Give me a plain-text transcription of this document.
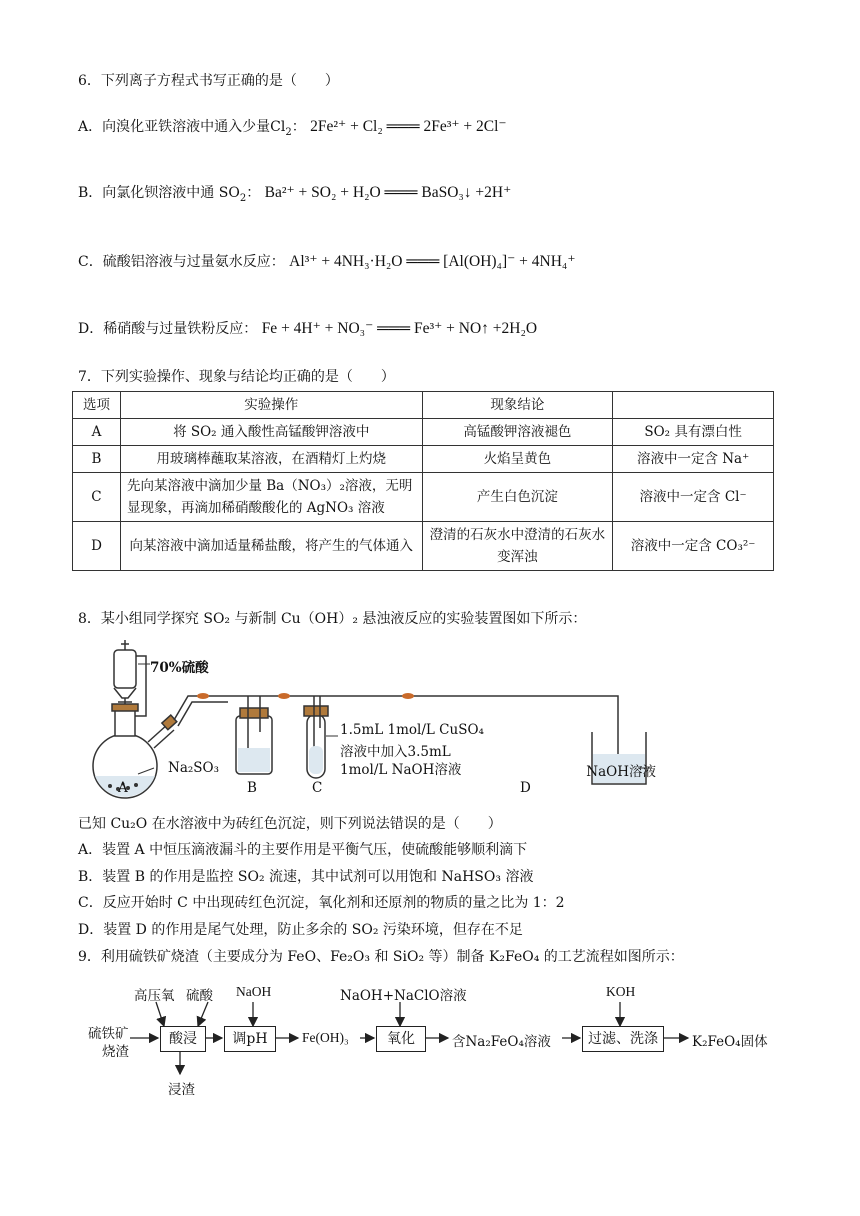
6．下列离子方程式书写正确的是（　　）
A．向溴化亚铁溶液中通入少量$Cl_2$： 2Fe²⁺ + Cl₂ ═══ 2Fe³⁺ + 2Cl⁻
B．向氯化钡溶液中通 $SO_2$： Ba²⁺ + SO₂ + H₂O ═══ BaSO₃↓ +2H⁺
C．硫酸铝溶液与过量氨水反应： Al³⁺ + 4NH₃·H₂O ═══ [Al(OH)₄]⁻ + 4NH₄⁺
D．稀硝酸与过量铁粉反应： Fe + 4H⁺ + NO₃⁻ ═══ Fe³⁺ + NO↑ +2H₂O
7．下列实验操作、现象与结论均正确的是（　　）
选项	实验操作	现象结论	
A	将 SO₂ 通入酸性高锰酸钾溶液中	高锰酸钾溶液褪色	SO₂ 具有漂白性
B	用玻璃棒蘸取某溶液，在酒精灯上灼烧	火焰呈黄色	溶液中一定含 Na⁺
C	先向某溶液中滴加少量 Ba（NO₃）₂溶液，无明显现象，再滴加稀硝酸酸化的 AgNO₃ 溶液	产生白色沉淀	溶液中一定含 Cl⁻
D	向某溶液中滴加适量稀盐酸，将产生的气体通入	澄清的石灰水中澄清的石灰水变浑浊	溶液中一定含 CO₃²⁻
8．某小组同学探究 SO₂ 与新制 Cu（OH）₂ 悬浊液反应的实验装置图如下所示：
70%硫酸
Na₂SO₃
1.5mL 1mol/L CuSO₄
溶液中加入3.5mL
1mol/L NaOH溶液	NaOH溶液
A	B	C	D
已知 Cu₂O 在水溶液中为砖红色沉淀，则下列说法错误的是（　　）
A．装置 A 中恒压滴液漏斗的主要作用是平衡气压，使硫酸能够顺利滴下
B．装置 B 的作用是监控 SO₂ 流速，其中试剂可以用饱和 NaHSO₃ 溶液
C．反应开始时 C 中出现砖红色沉淀，氧化剂和还原剂的物质的量之比为 1：2
D．装置 D 的作用是尾气处理，防止多余的 SO₂ 污染环境，但存在不足
9．利用硫铁矿烧渣（主要成分为 FeO、Fe₂O₃ 和 SiO₂ 等）制备 K₂FeO₄ 的工艺流程如图所示：
硫铁矿
烧渣
高压氧 硫酸
酸浸
浸渣
NaOH
调pH	Fe(OH)₃
NaOH+NaClO溶液
氧化	含Na₂FeO₄溶液
KOH
过滤、洗涤	K₂FeO₄固体
